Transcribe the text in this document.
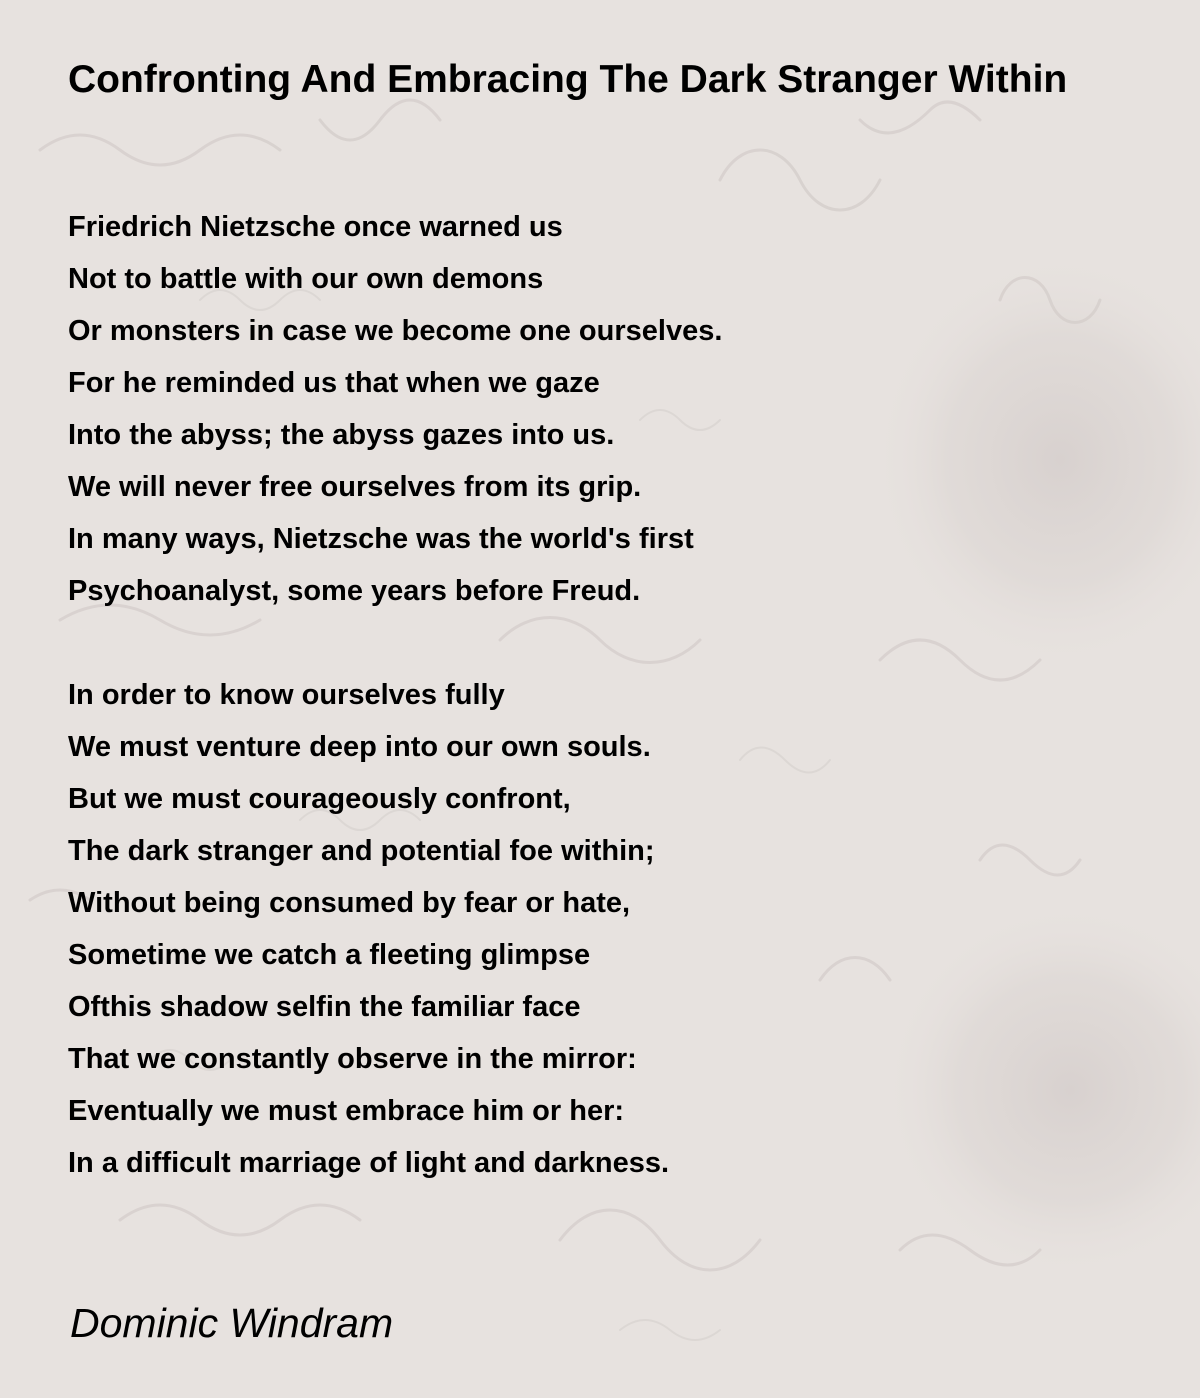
Confronting And Embracing The Dark Stranger Within
Friedrich Nietzsche once warned us
Not to battle with our own demons
Or monsters in case we become one ourselves.
For he reminded us that when we gaze
Into the abyss; the abyss gazes into us.
We will never free ourselves from its grip.
In many ways, Nietzsche was the world's first
Psychoanalyst, some years before Freud.
In order to know ourselves fully
We must venture deep into our own souls.
But we must courageously confront,
The dark stranger and potential foe within;
Without being consumed by fear or hate,
Sometime we catch a fleeting glimpse
Ofthis shadow selfin the familiar face
That we constantly observe in the mirror:
Eventually we must embrace him or her:
In a difficult marriage of light and darkness.
Dominic Windram
